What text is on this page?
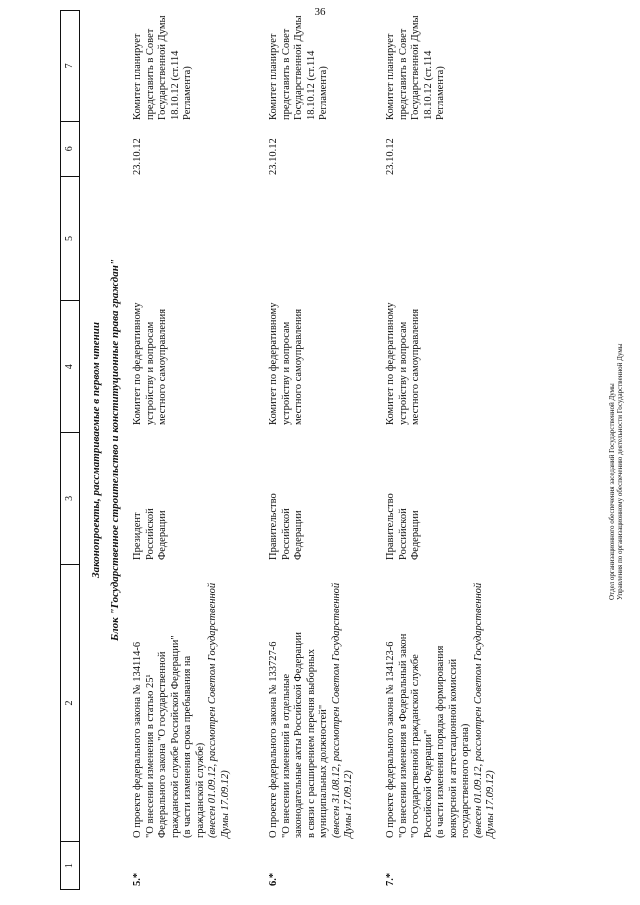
36
1
2
3
4
5
6
7
Законопроекты, рассматриваемые в первом чтении Блок "Государственное строительство и конституционные права граждан"
5.*
О проекте федерального закона № 134114-6 "О внесении изменения в статью 25¹ Федерального закона "О государственной гражданской службе Российской Федерации" (в части изменения срока пребывания на гражданской службе) (внесен 01.09.12, рассмотрен Советом Государственной Думы 17.09.12)
Президент Российской Федерации
Комитет по федеративному устройству и вопросам местного самоуправления
23.10.12
Комитет планирует представить в Совет Государственной Думы 18.10.12 (ст.114 Регламента)
6.*
О проекте федерального закона № 133727-6 "О внесении изменений в отдельные законодательные акты Российской Федерации в связи с расширением перечня выборных муниципальных должностей" (внесен 31.08.12, рассмотрен Советом Государственной Думы 17.09.12)
Правительство Российской Федерации
Комитет по федеративному устройству и вопросам местного самоуправления
23.10.12
Комитет планирует представить в Совет Государственной Думы 18.10.12 (ст.114 Регламента)
7.*
О проекте федерального закона № 134123-6 "О внесении изменения в Федеральный закон "О государственной гражданской службе Российской Федерации" (в части изменения порядка формирования конкурсной и аттестационной комиссий государственного органа) (внесен 01.09.12, рассмотрен Советом Государственной Думы 17.09.12)
Правительство Российской Федерации
Комитет по федеративному устройству и вопросам местного самоуправления
23.10.12
Комитет планирует представить в Совет Государственной Думы 18.10.12 (ст.114 Регламента)
Отдел организационного обеспечения заседаний Государственной Думы Управления по организационному обеспечению деятельности Государственной Думы
